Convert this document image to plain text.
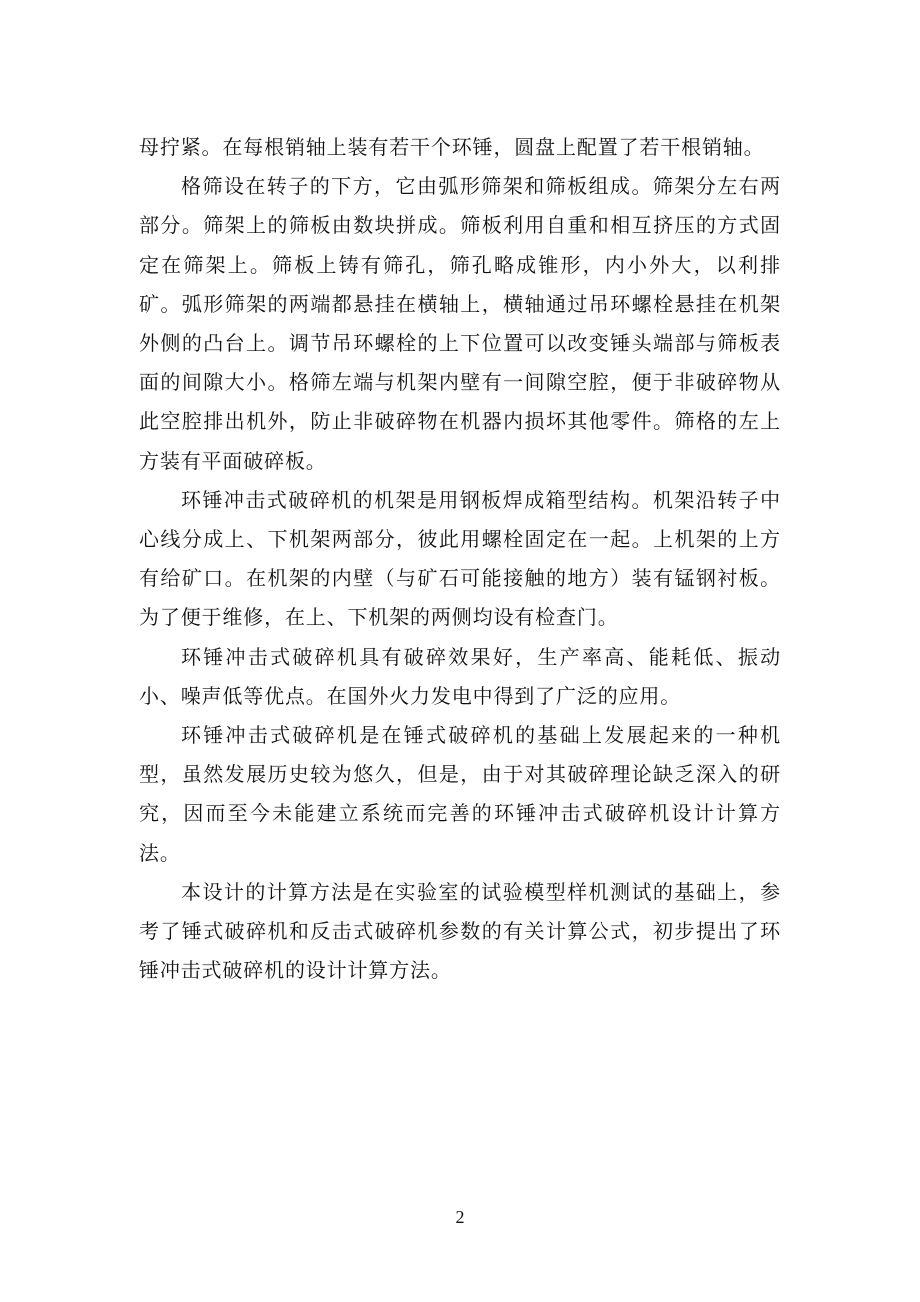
母拧紧。在每根销轴上装有若干个环锤，圆盘上配置了若干根销轴。

格筛设在转子的下方，它由弧形筛架和筛板组成。筛架分左右两部分。筛架上的筛板由数块拼成。筛板利用自重和相互挤压的方式固定在筛架上。筛板上铸有筛孔，筛孔略成锥形，内小外大，以利排矿。弧形筛架的两端都悬挂在横轴上，横轴通过吊环螺栓悬挂在机架外侧的凸台上。调节吊环螺栓的上下位置可以改变锤头端部与筛板表面的间隙大小。格筛左端与机架内壁有一间隙空腔，便于非破碎物从此空腔排出机外，防止非破碎物在机器内损坏其他零件。筛格的左上方装有平面破碎板。

环锤冲击式破碎机的机架是用钢板焊成箱型结构。机架沿转子中心线分成上、下机架两部分，彼此用螺栓固定在一起。上机架的上方有给矿口。在机架的内壁（与矿石可能接触的地方）装有锰钢衬板。为了便于维修，在上、下机架的两侧均设有检查门。

环锤冲击式破碎机具有破碎效果好，生产率高、能耗低、振动小、噪声低等优点。在国外火力发电中得到了广泛的应用。

环锤冲击式破碎机是在锤式破碎机的基础上发展起来的一种机型，虽然发展历史较为悠久，但是，由于对其破碎理论缺乏深入的研究，因而至今未能建立系统而完善的环锤冲击式破碎机设计计算方法。

本设计的计算方法是在实验室的试验模型样机测试的基础上，参考了锤式破碎机和反击式破碎机参数的有关计算公式，初步提出了环锤冲击式破碎机的设计计算方法。

2
